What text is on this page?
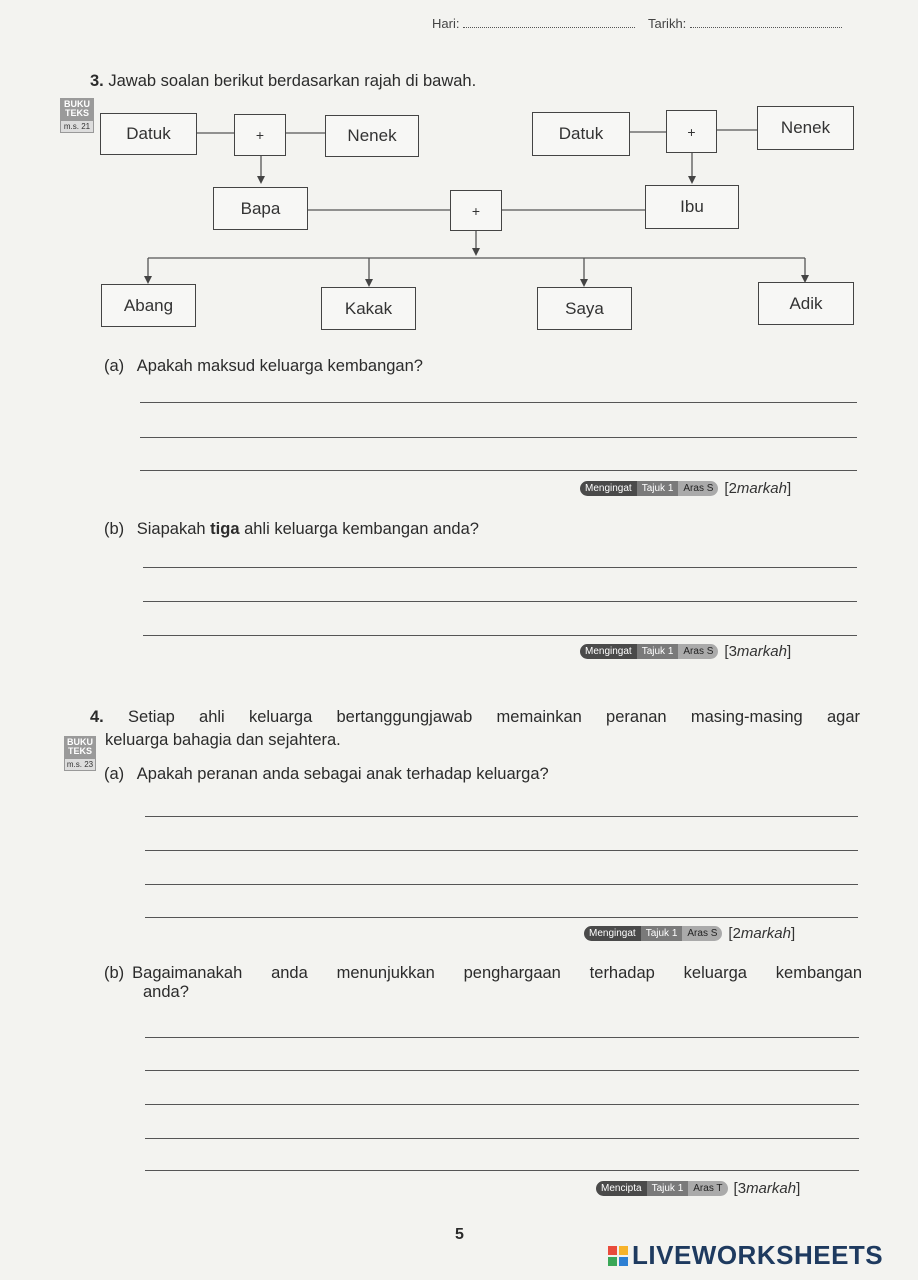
Hari:	Tarikh:
3. Jawab soalan berikut berdasarkan rajah di bawah.
BUKU
TEKS
m.s. 21	Datuk	+	Nenek	Datuk	+	Nenek
Bapa	+	Ibu
Abang	Kakak	Saya	Adik
(a) Apakah maksud keluarga kembangan?
Mengingat	Tajuk 1	Aras S [2markah]
(b) Siapakah tiga ahli keluarga kembangan anda?
Mengingat	Tajuk 1	Aras S [3markah]
4. Setiap ahli keluarga bertanggungjawab memainkan peranan masing-masing agar
keluarga bahagia dan sejahtera.
BUKU
TEKS
m.s. 23
(a) Apakah peranan anda sebagai anak terhadap keluarga?
Mengingat	Tajuk 1	Aras S [2markah]
(b) Bagaimanakah anda menunjukkan penghargaan terhadap keluarga kembangan
anda?
Mencipta	Tajuk 1	Aras T [3markah]
5
LIVEWORKSHEETS
